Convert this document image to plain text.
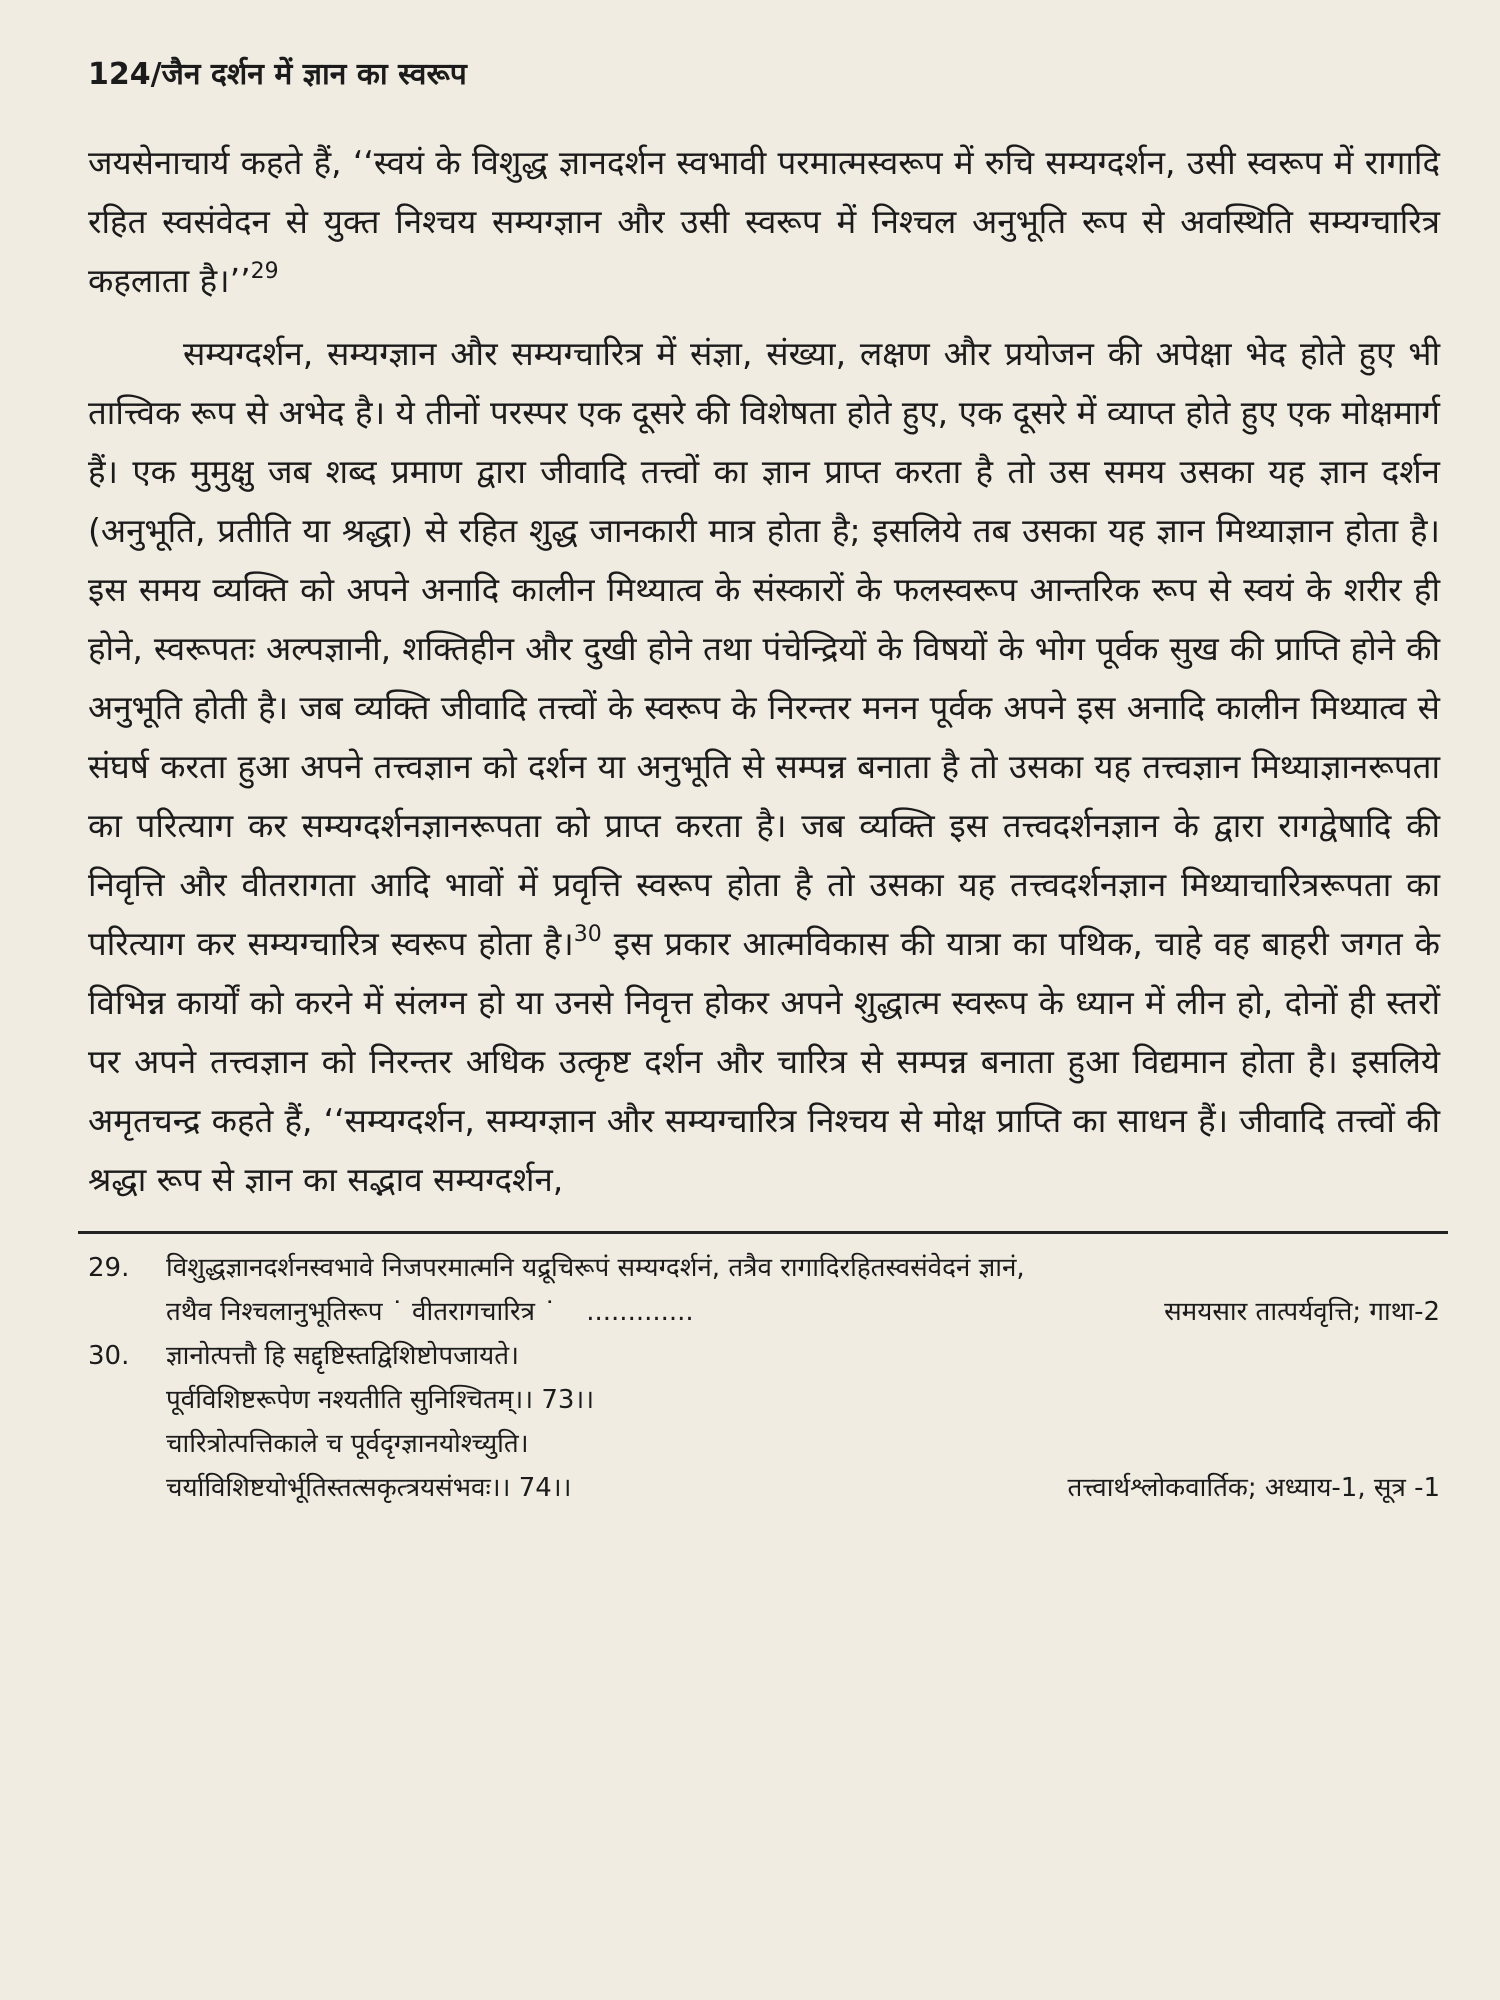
124/जैन दर्शन में ज्ञान का स्वरूप

जयसेनाचार्य कहते हैं, ‘‘स्वयं के विशुद्ध ज्ञानदर्शन स्वभावी परमात्मस्वरूप में रुचि सम्यग्दर्शन, उसी स्वरूप में रागादि रहित स्वसंवेदन से युक्त निश्चय सम्यग्ज्ञान और उसी स्वरूप में निश्चल अनुभूति रूप से अवस्थिति सम्यग्चारित्र कहलाता है।’’$^{29}$

सम्यग्दर्शन, सम्यग्ज्ञान और सम्यग्चारित्र में संज्ञा, संख्या, लक्षण और प्रयोजन की अपेक्षा भेद होते हुए भी तात्त्विक रूप से अभेद है। ये तीनों परस्पर एक दूसरे की विशेषता होते हुए, एक दूसरे में व्याप्त होते हुए एक मोक्षमार्ग हैं। एक मुमुक्षु जब शब्द प्रमाण द्वारा जीवादि तत्त्वों का ज्ञान प्राप्त करता है तो उस समय उसका यह ज्ञान दर्शन (अनुभूति, प्रतीति या श्रद्धा) से रहित शुद्ध जानकारी मात्र होता है; इसलिये तब उसका यह ज्ञान मिथ्याज्ञान होता है। इस समय व्यक्ति को अपने अनादि कालीन मिथ्यात्व के संस्कारों के फलस्वरूप आन्तरिक रूप से स्वयं के शरीर ही होने, स्वरूपतः अल्पज्ञानी, शक्तिहीन और दुखी होने तथा पंचेन्द्रियों के विषयों के भोग पूर्वक सुख की प्राप्ति होने की अनुभूति होती है। जब व्यक्ति जीवादि तत्त्वों के स्वरूप के निरन्तर मनन पूर्वक अपने इस अनादि कालीन मिथ्यात्व से संघर्ष करता हुआ अपने तत्त्वज्ञान को दर्शन या अनुभूति से सम्पन्न बनाता है तो उसका यह तत्त्वज्ञान मिथ्याज्ञानरूपता का परित्याग कर सम्यग्दर्शनज्ञानरूपता को प्राप्त करता है। जब व्यक्ति इस तत्त्वदर्शनज्ञान के द्वारा रागद्वेषादि की निवृत्ति और वीतरागता आदि भावों में प्रवृत्ति स्वरूप होता है तो उसका यह तत्त्वदर्शनज्ञान मिथ्याचारित्ररूपता का परित्याग कर सम्यग्चारित्र स्वरूप होता है।$^{30}$ इस प्रकार आत्मविकास की यात्रा का पथिक, चाहे वह बाहरी जगत के विभिन्न कार्यों को करने में संलग्न हो या उनसे निवृत्त होकर अपने शुद्धात्म स्वरूप के ध्यान में लीन हो, दोनों ही स्तरों पर अपने तत्त्वज्ञान को निरन्तर अधिक उत्कृष्ट दर्शन और चारित्र से सम्पन्न बनाता हुआ विद्यमान होता है। इसलिये अमृतचन्द्र कहते हैं, ‘‘सम्यग्दर्शन, सम्यग्ज्ञान और सम्यग्चारित्र निश्चय से मोक्ष प्राप्ति का साधन हैं। जीवादि तत्त्वों की श्रद्धा रूप से ज्ञान का सद्भाव सम्यग्दर्शन,

29.	विशुद्धज्ञानदर्शनस्वभावे निजपरमात्मनि यद्रूचिरूपं सम्यग्दर्शनं, तत्रैव रागादिरहितस्वसंवेदनं ज्ञानं,
तथैव निश्चलानुभूतिरूप ˙ वीतरागचारित्र ˙	.............	समयसार तात्पर्यवृत्ति; गाथा-2
30.	ज्ञानोत्पत्तौ हि सद्दृष्टिस्तद्विशिष्टोपजायते।
पूर्वविशिष्टरूपेण नश्यतीति सुनिश्चितम्।। 73।।
चारित्रोत्पत्तिकाले च पूर्वदृग्ज्ञानयोश्च्युति।
चर्याविशिष्टयोर्भूतिस्तत्सकृत्त्रयसंभवः।। 74।।	तत्त्वार्थश्लोकवार्तिक; अध्याय-1, सूत्र -1
